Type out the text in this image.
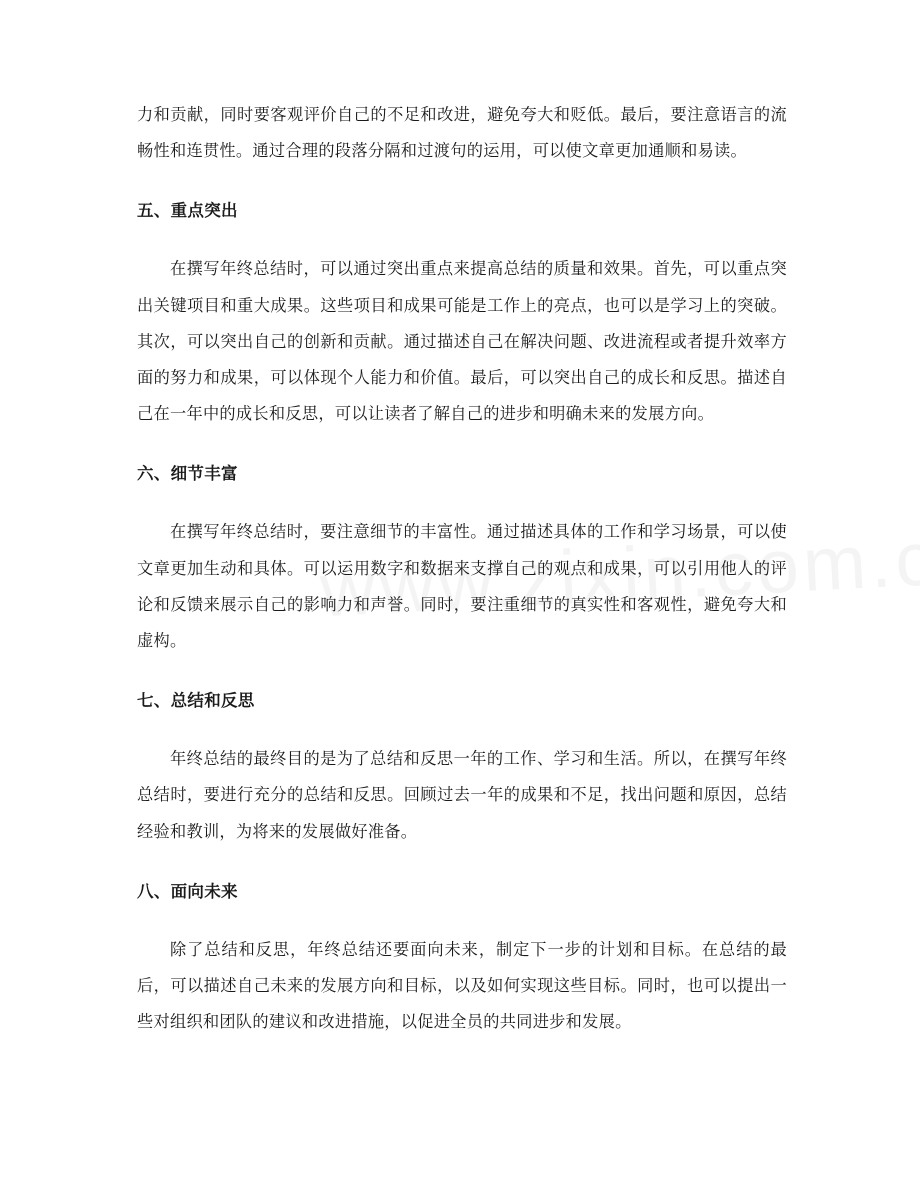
力和贡献，同时要客观评价自己的不足和改进，避免夸大和贬低。最后，要注意语言的流畅性和连贯性。通过合理的段落分隔和过渡句的运用，可以使文章更加通顺和易读。

五、重点突出

在撰写年终总结时，可以通过突出重点来提高总结的质量和效果。首先，可以重点突出关键项目和重大成果。这些项目和成果可能是工作上的亮点，也可以是学习上的突破。其次，可以突出自己的创新和贡献。通过描述自己在解决问题、改进流程或者提升效率方面的努力和成果，可以体现个人能力和价值。最后，可以突出自己的成长和反思。描述自己在一年中的成长和反思，可以让读者了解自己的进步和明确未来的发展方向。

六、细节丰富

在撰写年终总结时，要注意细节的丰富性。通过描述具体的工作和学习场景，可以使文章更加生动和具体。可以运用数字和数据来支撑自己的观点和成果，可以引用他人的评论和反馈来展示自己的影响力和声誉。同时，要注重细节的真实性和客观性，避免夸大和虚构。

七、总结和反思

年终总结的最终目的是为了总结和反思一年的工作、学习和生活。所以，在撰写年终总结时，要进行充分的总结和反思。回顾过去一年的成果和不足，找出问题和原因，总结经验和教训，为将来的发展做好准备。

八、面向未来

除了总结和反思，年终总结还要面向未来，制定下一步的计划和目标。在总结的最后，可以描述自己未来的发展方向和目标，以及如何实现这些目标。同时，也可以提出一些对组织和团队的建议和改进措施，以促进全员的共同进步和发展。
